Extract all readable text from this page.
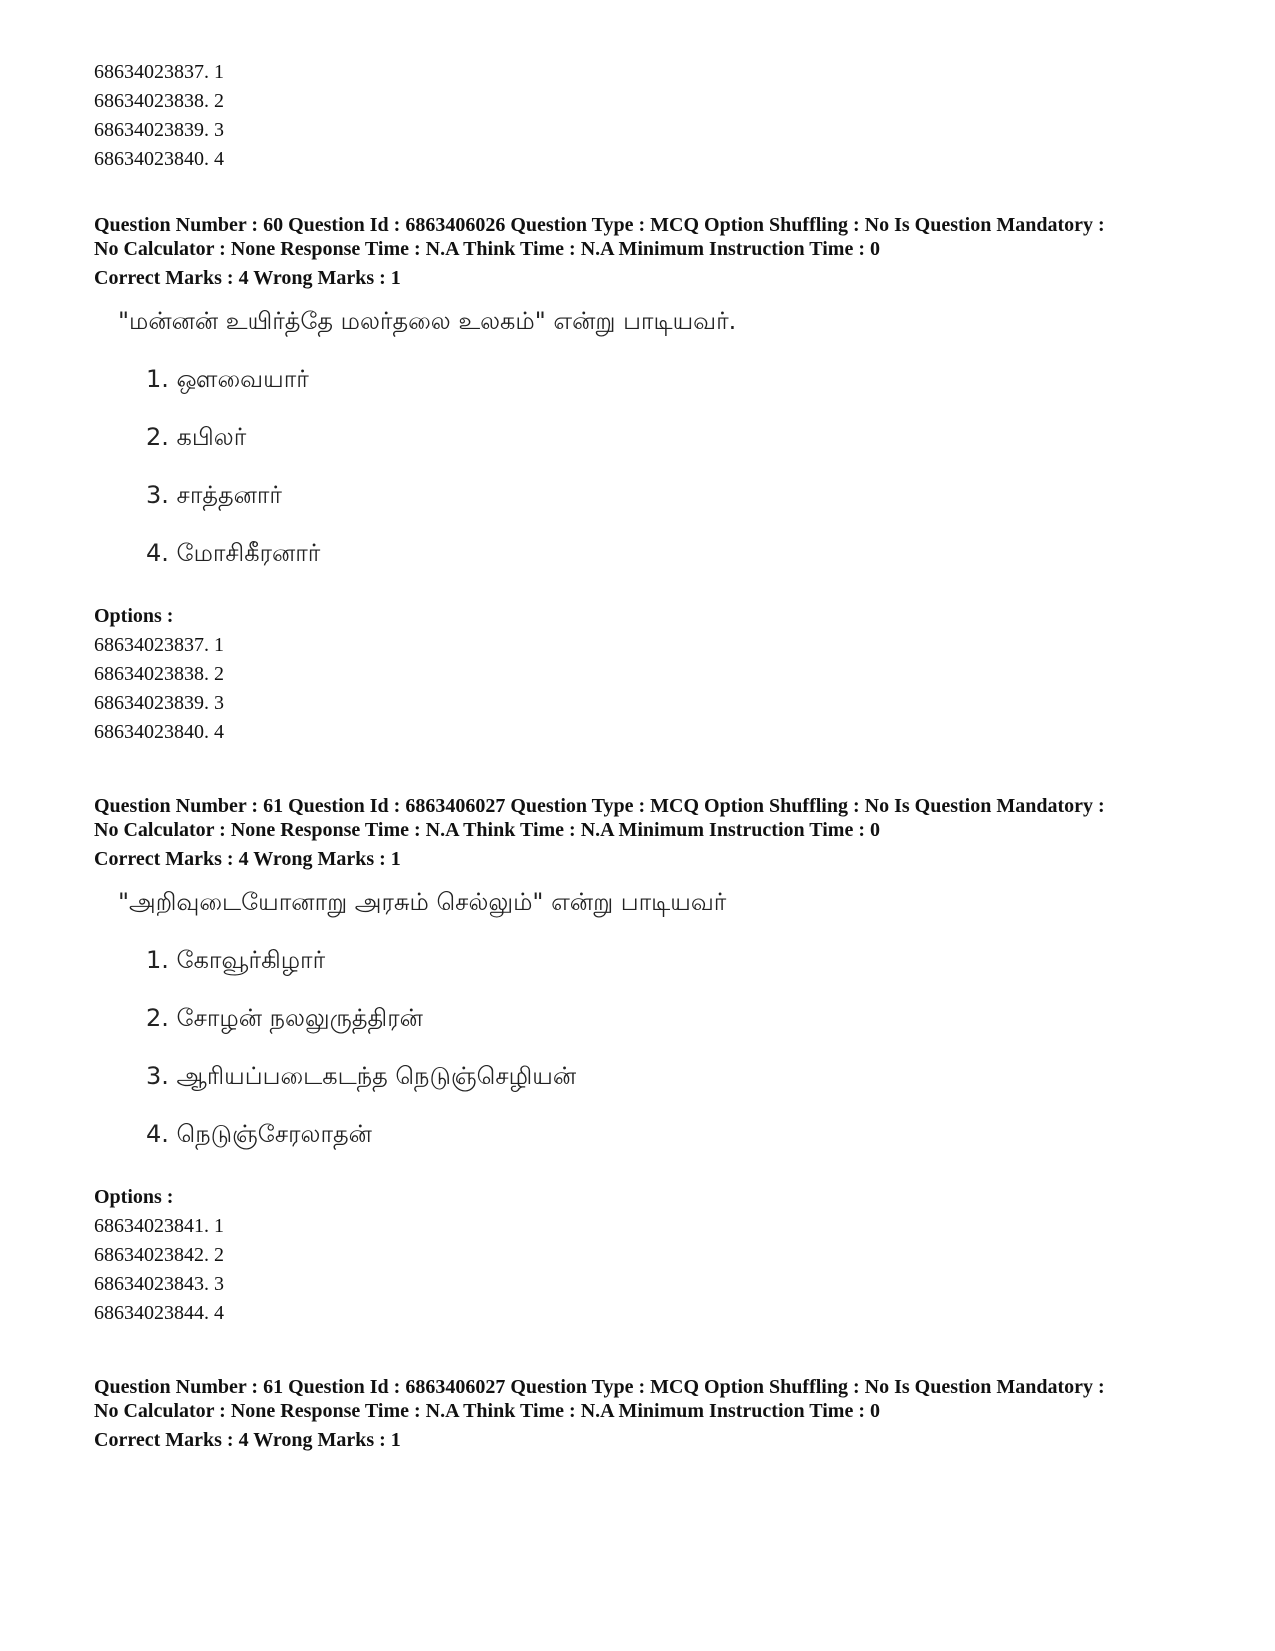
68634023837. 1
68634023838. 2
68634023839. 3
68634023840. 4
Question Number : 60 Question Id : 6863406026 Question Type : MCQ Option Shuffling : No Is Question Mandatory :
No Calculator : None Response Time : N.A Think Time : N.A Minimum Instruction Time : 0
Correct Marks : 4 Wrong Marks : 1
"மன்னன் உயிர்த்தே மலர்தலை உலகம்" என்று பாடியவர்.
1. ஔவையார்
2. கபிலர்
3. சாத்தனார்
4. மோசிகீரனார்
Options :
68634023837. 1
68634023838. 2
68634023839. 3
68634023840. 4
Question Number : 61 Question Id : 6863406027 Question Type : MCQ Option Shuffling : No Is Question Mandatory :
No Calculator : None Response Time : N.A Think Time : N.A Minimum Instruction Time : 0
Correct Marks : 4 Wrong Marks : 1
"அறிவுடையோனாறு அரசும் செல்லும்" என்று பாடியவர்
1. கோவூர்கிழார்
2. சோழன் நலலுருத்திரன்
3. ஆரியப்படைகடந்த நெடுஞ்செழியன்
4. நெடுஞ்சேரலாதன்
Options :
68634023841. 1
68634023842. 2
68634023843. 3
68634023844. 4
Question Number : 61 Question Id : 6863406027 Question Type : MCQ Option Shuffling : No Is Question Mandatory :
No Calculator : None Response Time : N.A Think Time : N.A Minimum Instruction Time : 0
Correct Marks : 4 Wrong Marks : 1
